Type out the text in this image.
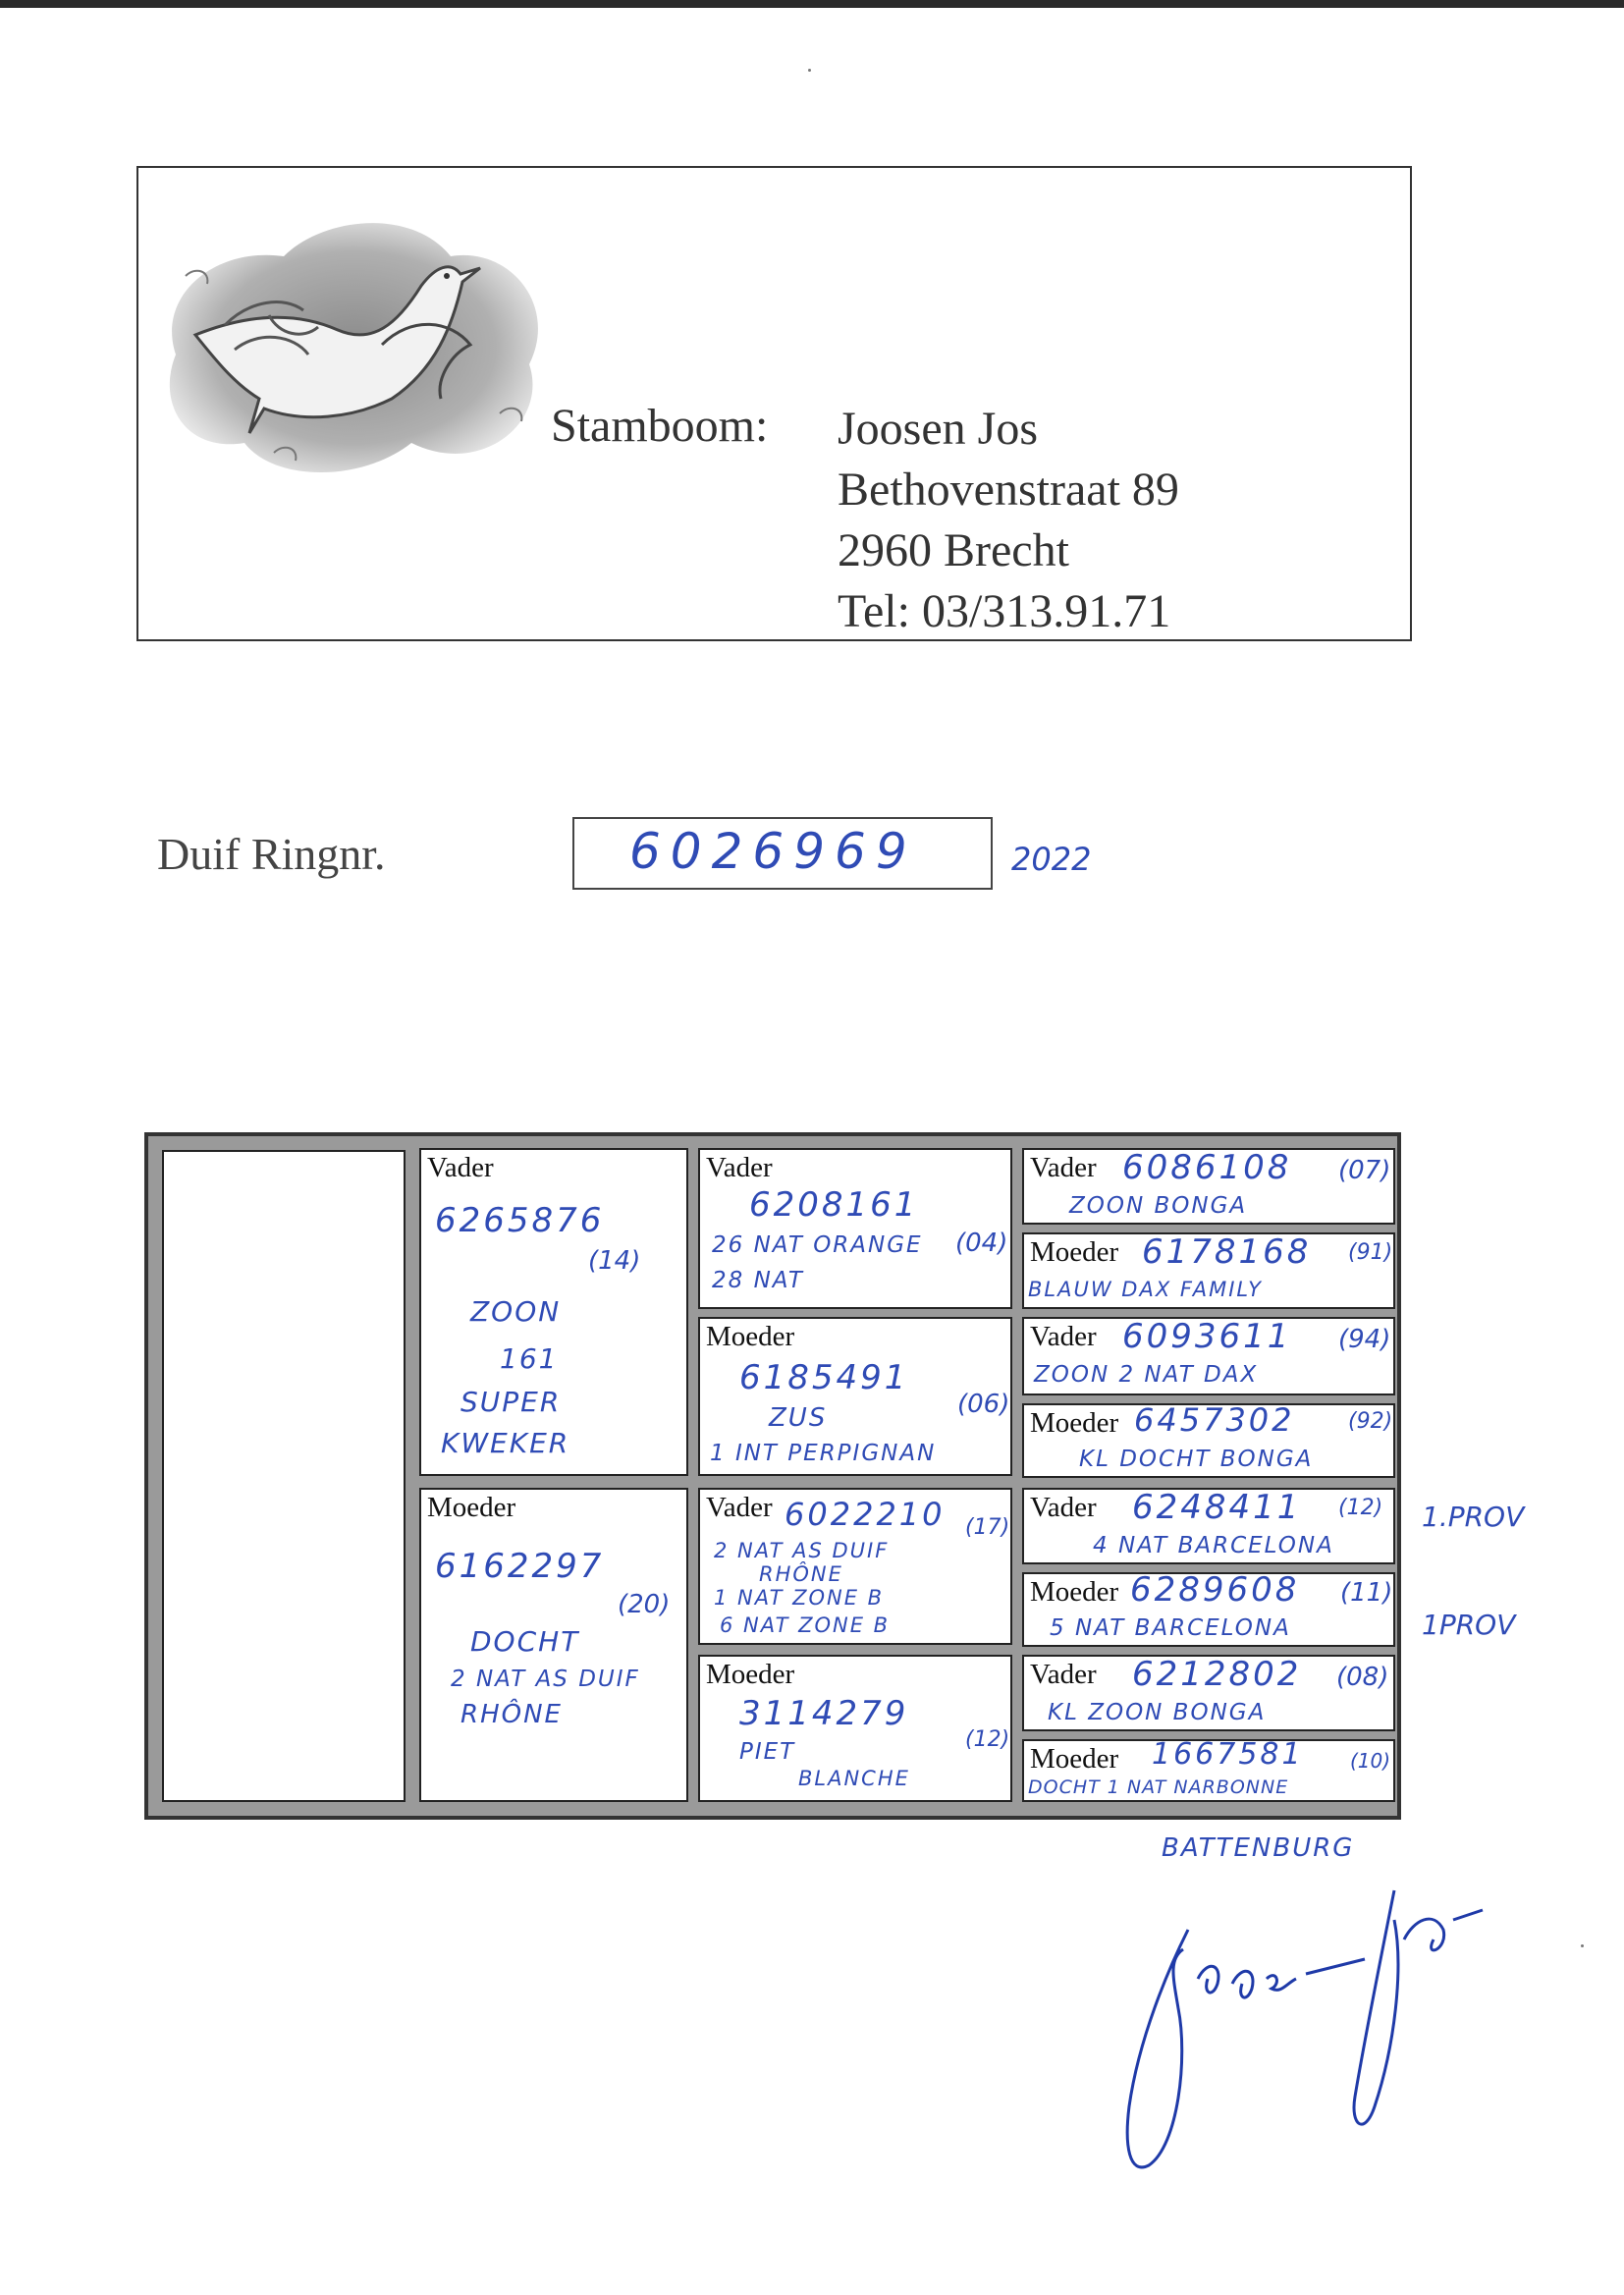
Stamboom: Joosen Jos
Bethovenstraat 89
2960 Brecht
Tel: 03/313.91.71
Duif Ringnr.	6026969	2022
Vader
6265876
(14)
ZOON
161
SUPER
KWEKER
Moeder
6162297
(20)
DOCHT
2 NAT AS DUIF
RHÔNE
Vader
6208161
26 NAT ORANGE (04)
28 NAT
Moeder
6185491
(06)
ZUS
1 INT PERPIGNAN
Vader 6022210 (17)
2 NAT AS DUIF
RHÔNE
1 NAT ZONE B
6 NAT ZONE B
Moeder
3114279
(12)
PIET
BLANCHE
Vader 6086108 (07)
ZOON BONGA
Moeder 6178168 (91)
BLAUW DAX FAMILY
Vader 6093611 (94)
ZOON 2 NAT DAX
Moeder 6457302 (92)
KL DOCHT BONGA
Vader 6248411 (12)
4 NAT BARCELONA
Moeder 6289608 (11)
5 NAT BARCELONA
Vader 6212802 (08)
KL ZOON BONGA
Moeder 1667581 (10)
DOCHT 1 NAT NARBONNE
1.PROV
1PROV
BATTENBURG
